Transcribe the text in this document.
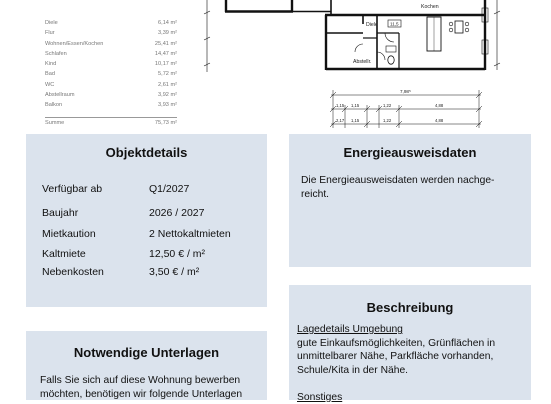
Diele	6,14 m²
Flur	3,39 m²
Wohnen/Essen/Kochen	25,41 m²
Schlafen	14,47 m²
Kind	10,17 m²
Bad	5,72 m²
WC	2,61 m²
Abstellraum	3,92 m²
Balkon	3,93 m²
Summe	75,73 m²
Diele	11,5
Kochen
Abstellr.
7,98⁵
1,15 1,15	1,22	4,88
2,17 1,15	1,22	4,88
Objektdetails
Verfügbar ab	Q1/2027
Baujahr	2026 / 2027
Mietkaution	2 Nettokaltmieten
Kaltmiete	12,50 € / m²
Nebenkosten	3,50 € / m²
Energieausweisdaten
Die Energieausweisdaten werden nachge-
reicht.
Notwendige Unterlagen
Falls Sie sich auf diese Wohnung bewerben
möchten, benötigen wir folgende Unterlagen
Beschreibung
Lagedetails Umgebung
gute Einkaufsmöglichkeiten, Grünflächen in
unmittelbarer Nähe, Parkfläche vorhanden,
Schule/Kita in der Nähe.
Sonstiges
